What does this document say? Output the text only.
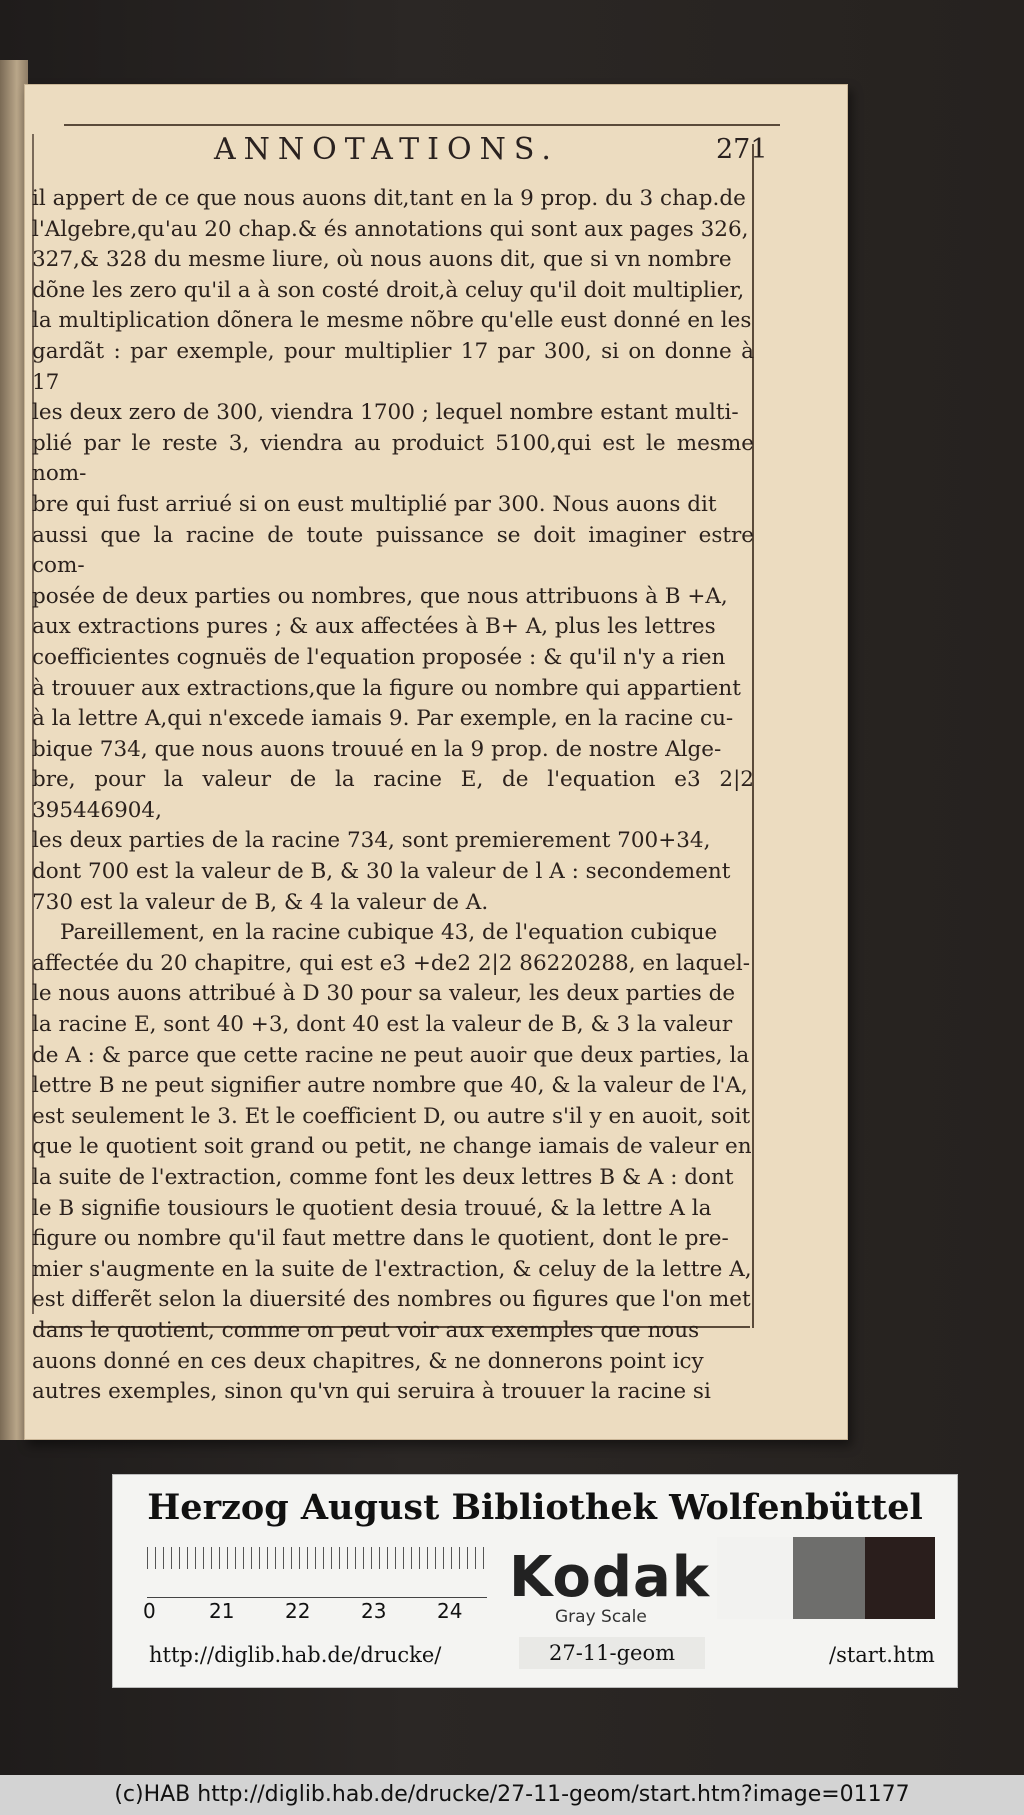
ANNOTATIONS.	271

il appert de ce que nous auons dit,tant en la 9 prop. du 3 chap.de

l'Algebre,qu'au 20 chap.& és annotations qui sont aux pages 326,

327,& 328 du mesme liure, où nous auons dit, que si vn nombre

dõne les zero qu'il a à son costé droit,à celuy qu'il doit multiplier,

la multiplication dõnera le mesme nõbre qu'elle eust donné en les

gardãt : par exemple, pour multiplier 17 par 300, si on donne à 17

les deux zero de 300, viendra 1700 ; lequel nombre estant multi-

plié par le reste 3, viendra au produict 5100,qui est le mesme nom-

bre qui fust arriué si on eust multiplié par 300. Nous auons dit

aussi que la racine de toute puissance se doit imaginer estre com-

posée de deux parties ou nombres, que nous attribuons à B +A,

aux extractions pures ; & aux affectées à B+ A, plus les lettres

coefficientes cognuës de l'equation proposée : & qu'il n'y a rien

à trouuer aux extractions,que la figure ou nombre qui appartient

à la lettre A,qui n'excede iamais 9. Par exemple, en la racine cu-

bique 734, que nous auons trouué en la 9 prop. de nostre Alge-

bre, pour la valeur de la racine E, de l'equation e3 2|2 395446904,

les deux parties de la racine 734, sont premierement 700+34,

dont 700 est la valeur de B, & 30 la valeur de l A : secondement

730 est la valeur de B, & 4 la valeur de A.

Pareillement, en la racine cubique 43, de l'equation cubique

affectée du 20 chapitre, qui est e3 +de2 2|2 86220288, en laquel-

le nous auons attribué à D 30 pour sa valeur, les deux parties de

la racine E, sont 40 +3, dont 40 est la valeur de B, & 3 la valeur

de A : & parce que cette racine ne peut auoir que deux parties, la

lettre B ne peut signifier autre nombre que 40, & la valeur de l'A,

est seulement le 3. Et le coefficient D, ou autre s'il y en auoit, soit

que le quotient soit grand ou petit, ne change iamais de valeur en

la suite de l'extraction, comme font les deux lettres B & A : dont

le B signifie tousiours le quotient desia trouué, & la lettre A la

figure ou nombre qu'il faut mettre dans le quotient, dont le pre-

mier s'augmente en la suite de l'extraction, & celuy de la lettre A,

est differẽt selon la diuersité des nombres ou figures que l'on met

dans le quotient, comme on peut voir aux exemples que nous

auons donné en ces deux chapitres, & ne donnerons point icy

autres exemples, sinon qu'vn qui seruira à trouuer la racine si

Herzog August Bibliothek Wolfenbüttel
0	21	22	23	24
Kodak
Gray Scale
http://diglib.hab.de/drucke/	27-11-geom	/start.htm
(c)HAB http://diglib.hab.de/drucke/27-11-geom/start.htm?image=01177
